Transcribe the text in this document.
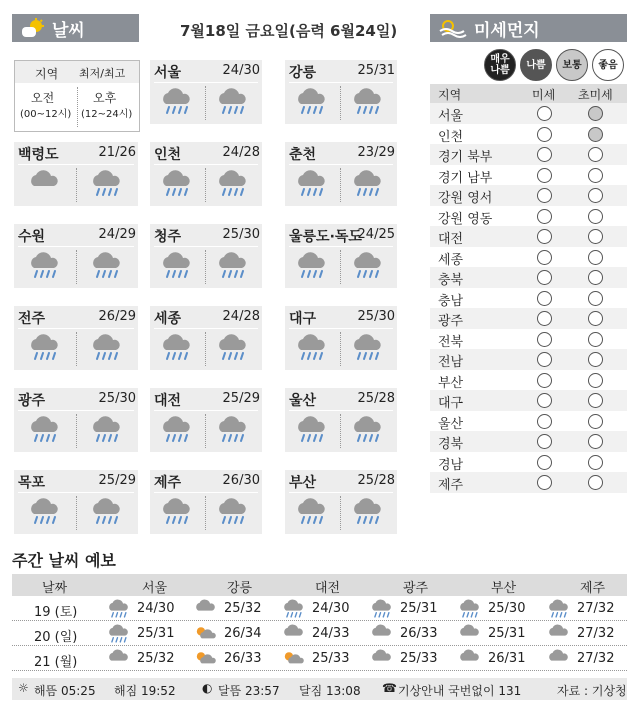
날씨	7월18일 금요일(음력 6월24일)	미세먼지
지역 최저/최고
오전
(00~12시)
오후
(12~24시)
서울	24/30 강릉	25/31
백령도	21/26 인천	24/28 춘천	23/29
수원	24/29 청주	25/30 울릉도·독도
24/25
전주	26/29 세종	24/28 대구	25/30
광주	25/30 대전	25/29 울산	25/28
목포	25/29 제주	26/30 부산	25/28
매우
나쁨	나쁨	보통	좋음
지역	미세 초미세
서울
인천
경기 북부
경기 남부
강원 영서
강원 영동
대전
세종
충북
충남
광주
전북
전남
부산
대구
울산
경북
경남
제주
주간 날씨 예보
날짜	서울	강릉	대전	광주	부산	제주
19 (토)	24/30	25/32	24/30	25/31	25/30	27/32
20 (일)	25/31	26/34	24/33	26/33	25/31	27/32
21 (월)	25/32	26/33	25/33	25/33	26/31	27/32
☼ 해뜸 05:25 해짐 19:52 ◐ 달뜸 23:57 달짐 13:08 ☎ 기상안내 국번없이 131	자료 : 기상청
